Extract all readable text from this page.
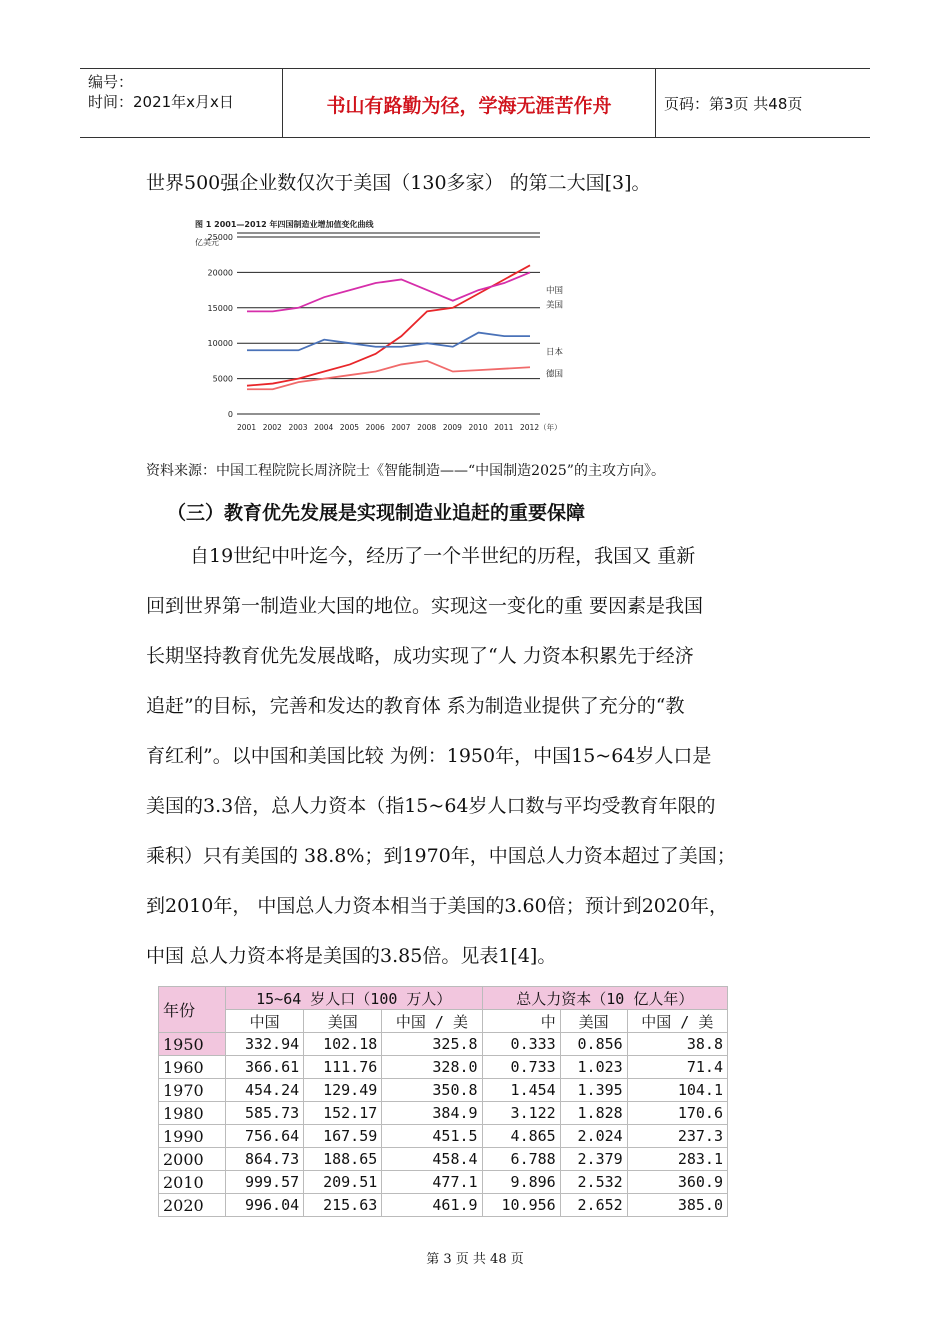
编号：
时间：2021年x月x日	书山有路勤为径，学海无涯苦作舟	页码：第3页 共48页
世界500强企业数仅次于美国（130多家） 的第二大国[3]。
图 1 2001—2012 年四国制造业增加值变化曲线
亿美元
0
5000
10000
15000
20000
25000
2001 2002 2003 2004 2005 2006 2007 2008 2009 2010 2011 2012（年）
中国
美国
日本
德国
资料来源：中国工程院院长周济院士《智能制造——“中国制造2025”的主攻方向》。
（三）教育优先发展是实现制造业追赶的重要保障
自19世纪中叶迄今，经历了一个半世纪的历程，我国又 重新
回到世界第一制造业大国的地位。实现这一变化的重 要因素是我国
长期坚持教育优先发展战略，成功实现了“人 力资本积累先于经济
追赶”的目标，完善和发达的教育体 系为制造业提供了充分的“教
育红利”。以中国和美国比较 为例：1950年，中国15~64岁人口是
美国的3.3倍，总人力资本（指15~64岁人口数与平均受教育年限的
乘积）只有美国的 38.8%；到1970年，中国总人力资本超过了美国；
到2010年， 中国总人力资本相当于美国的3.60倍；预计到2020年，
中国 总人力资本将是美国的3.85倍。见表1[4]。
年份	15~64 岁人口（100 万人）			总人力资本（10 亿人年）		
	中国	美国	中国 / 美	中	美国	中国 / 美
1950	332.94	102.18	325.8	0.333	0.856	38.8
1960	366.61	111.76	328.0	0.733	1.023	71.4
1970	454.24	129.49	350.8	1.454	1.395	104.1
1980	585.73	152.17	384.9	3.122	1.828	170.6
1990	756.64	167.59	451.5	4.865	2.024	237.3
2000	864.73	188.65	458.4	6.788	2.379	283.1
2010	999.57	209.51	477.1	9.896	2.532	360.9
2020	996.04	215.63	461.9	10.956	2.652	385.0
第 3 页 共 48 页
